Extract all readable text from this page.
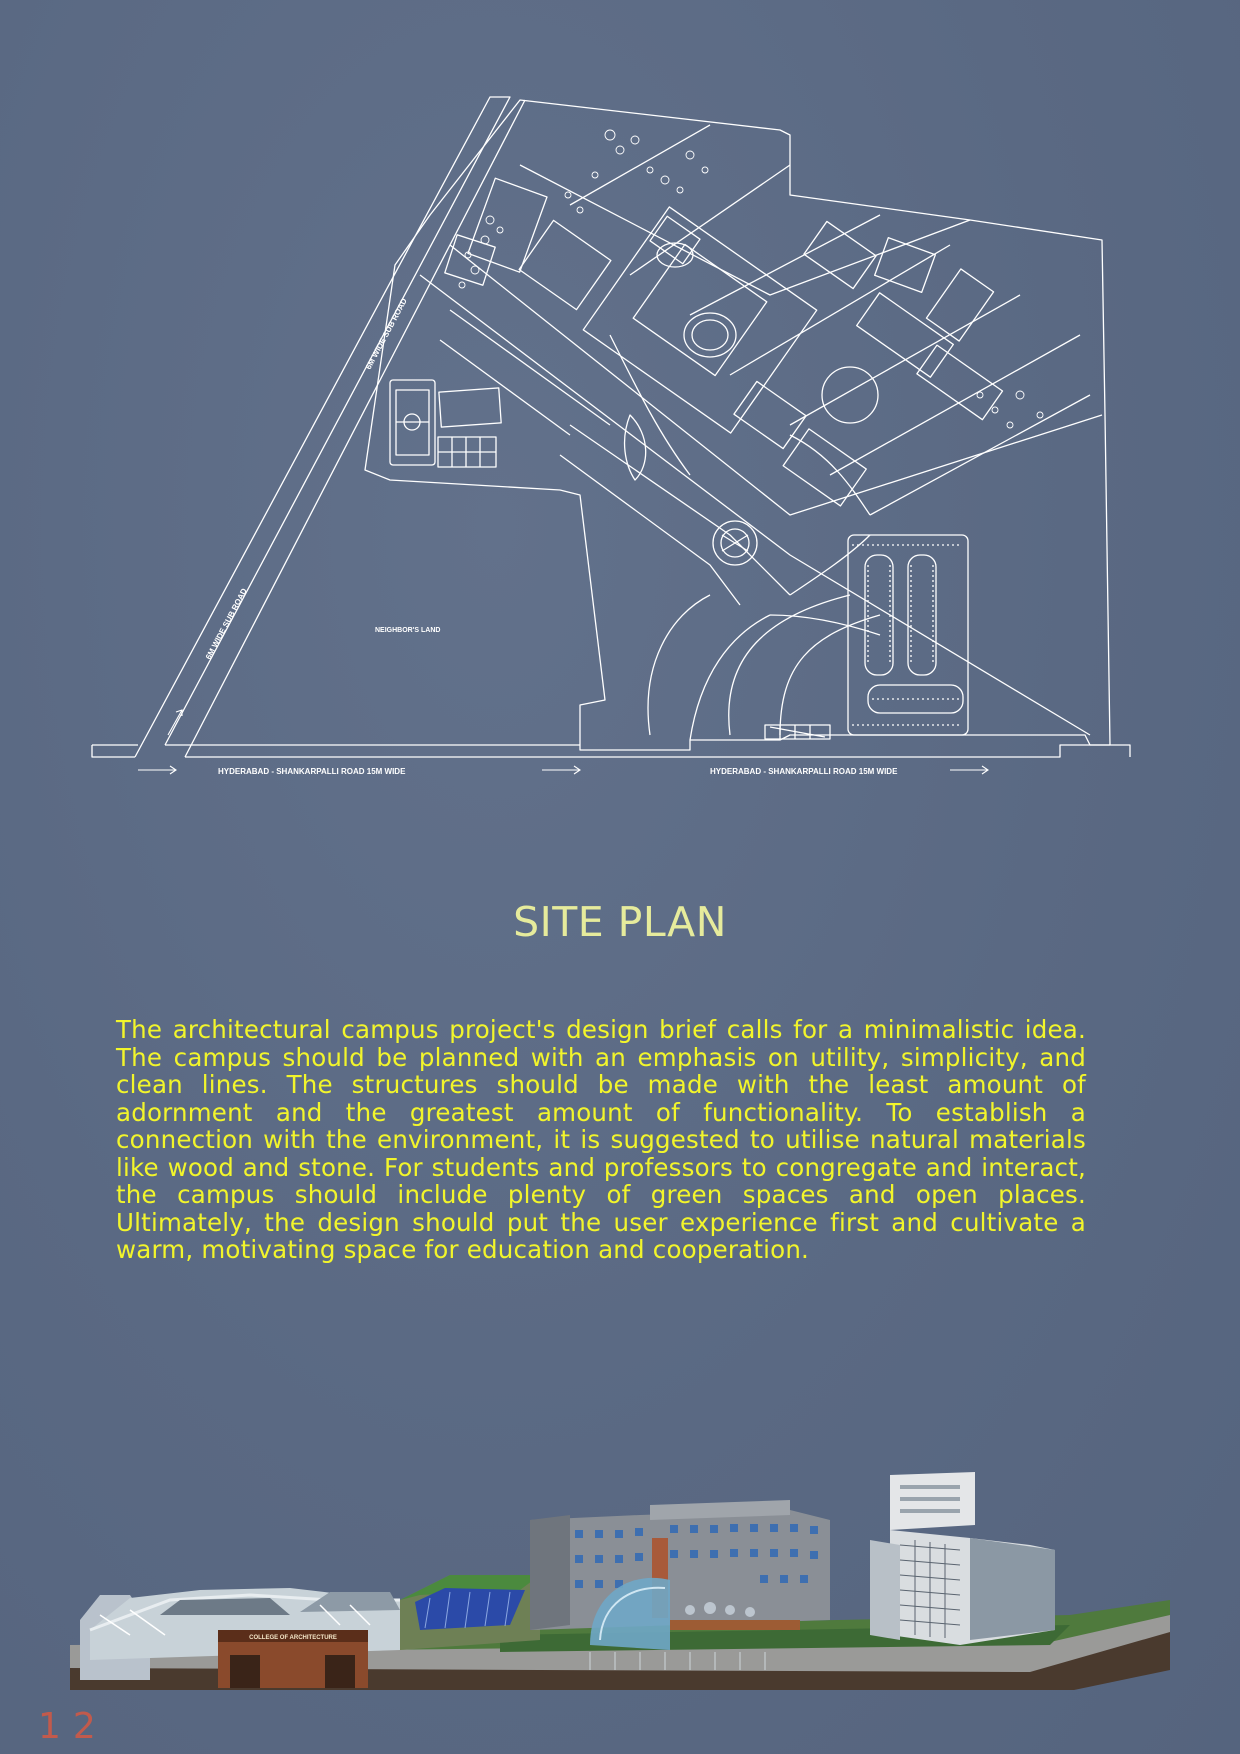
6M WIDE SUB ROAD
6M WIDE SUB ROAD	NEIGHBOR'S LAND
HYDERABAD - SHANKARPALLI ROAD 15M WIDE	HYDERABAD - SHANKARPALLI ROAD 15M WIDE
SITE PLAN
The architectural campus project's design brief calls for a minimalistic idea. The campus should be planned with an emphasis on utility, simplicity, and clean lines. The structures should be made with the least amount of adornment and the greatest amount of functionality. To establish a connection with the environment, it is suggested to utilise natural materials like wood and stone. For students and professors to congregate and interact, the campus should include plenty of green spaces and open places. Ultimately, the design should put the user experience first and cultivate a warm, motivating space for education and cooperation.
COLLEGE OF ARCHITECTURE
12
